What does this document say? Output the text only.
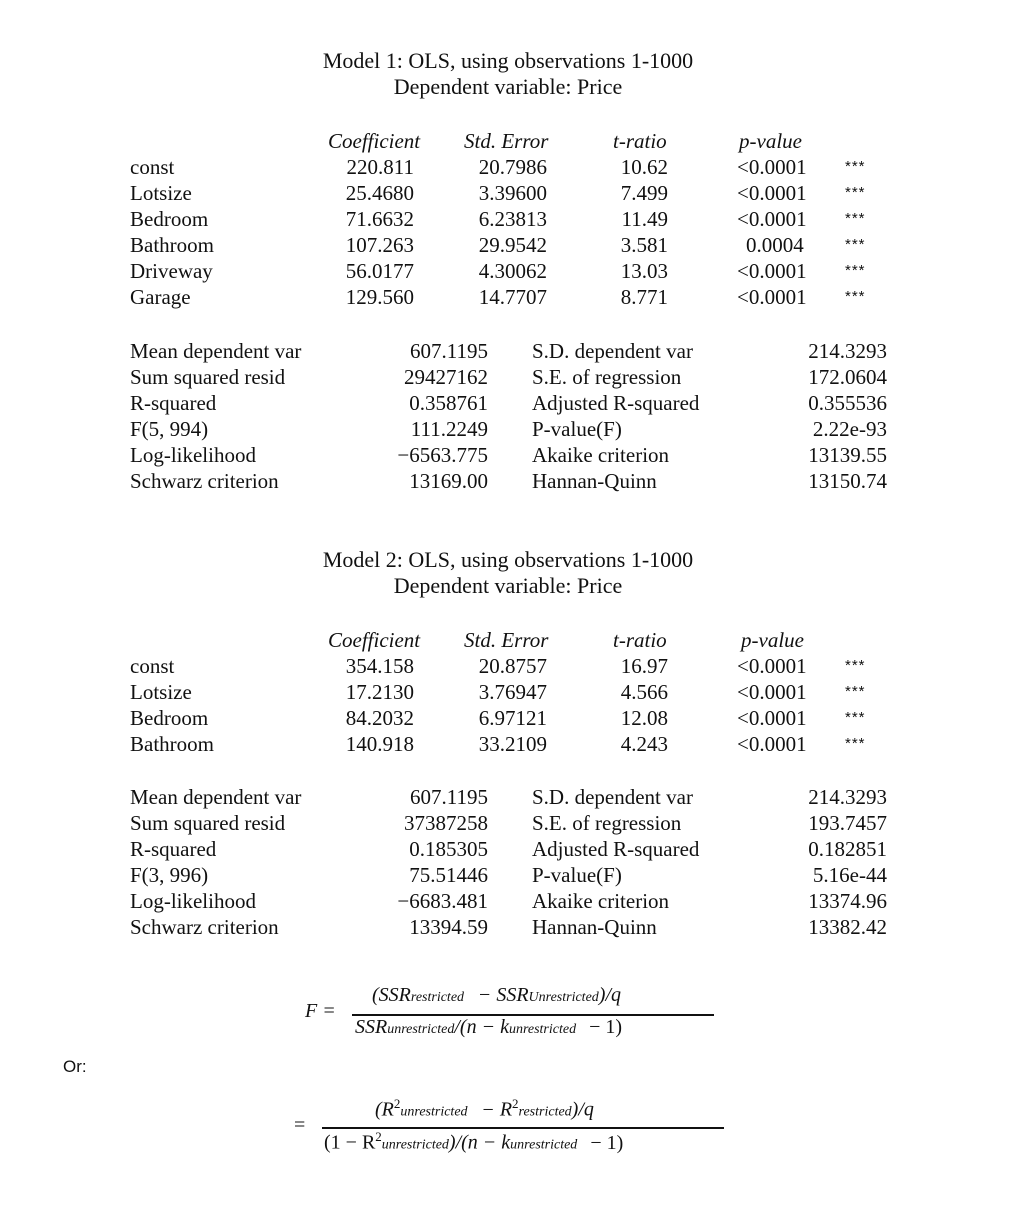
Model 1: OLS, using observations 1-1000
Dependent variable: Price
Coefficient Std. Error	t-ratio	p-value
const	220.811	20.7986	10.62	<0.0001	***
Lotsize	25.4680	3.39600	7.499	<0.0001	***
Bedroom	71.6632	6.23813	11.49	<0.0001	***
Bathroom	107.263	29.9542	3.581	0.0004	***
Driveway	56.0177	4.30062	13.03	<0.0001	***
Garage	129.560	14.7707	8.771	<0.0001	***
Mean dependent var	607.1195 S.D. dependent var	214.3293
Sum squared resid	29427162 S.E. of regression	172.0604
R-squared	0.358761 Adjusted R-squared	0.355536
F(5, 994)	111.2249 P-value(F)	2.22e-93
Log-likelihood	−6563.775 Akaike criterion	13139.55
Schwarz criterion	13169.00 Hannan-Quinn	13150.74
Model 2: OLS, using observations 1-1000
Dependent variable: Price
Coefficient Std. Error	t-ratio	p-value
const	354.158	20.8757	16.97	<0.0001	***
Lotsize	17.2130	3.76947	4.566	<0.0001	***
Bedroom	84.2032	6.97121	12.08	<0.0001	***
Bathroom	140.918	33.2109	4.243	<0.0001	***
Mean dependent var	607.1195 S.D. dependent var	214.3293
Sum squared resid	37387258 S.E. of regression	193.7457
R-squared	0.185305 Adjusted R-squared	0.182851
F(3, 996)	75.51446 P-value(F)	5.16e-44
Log-likelihood	−6683.481 Akaike criterion	13374.96
Schwarz criterion	13394.59 Hannan-Quinn	13382.42
F =
(SSRrestricted − SSRUnrestricted)/q
SSRunrestricted/(n − kunrestricted − 1)
Or:
=
($R^2unrestricted$ − $R^2restricted)/q$
$(1 - R^2unrestricted)/(n$ − kunrestricted − 1)
